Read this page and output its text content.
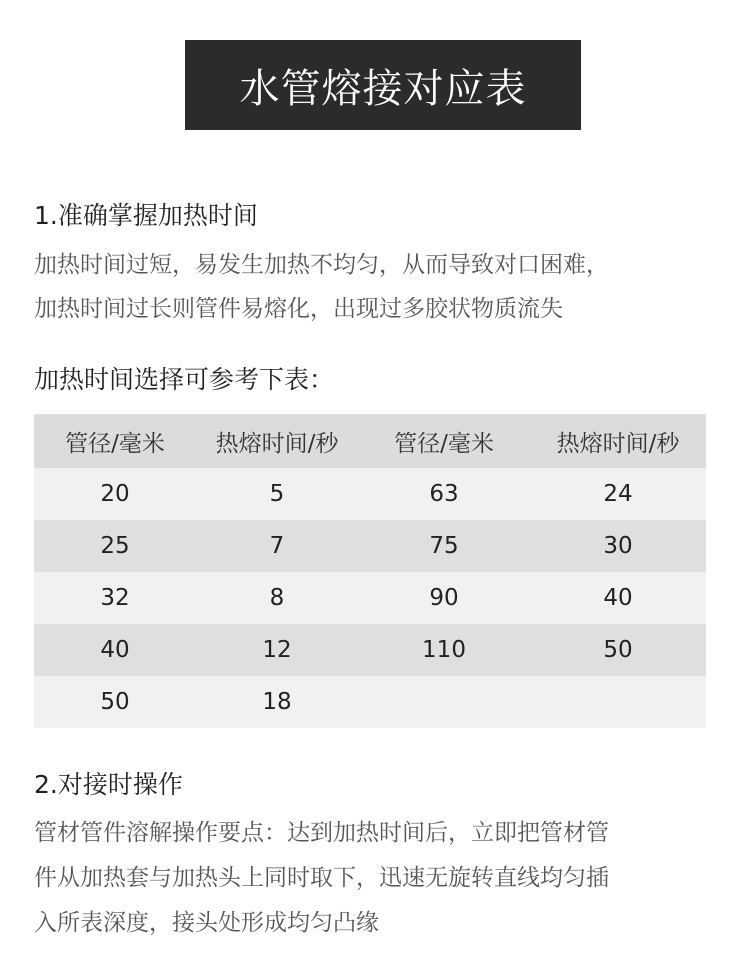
水管熔接对应表
1.准确掌握加热时间
加热时间过短，易发生加热不均匀，从而导致对口困难，
加热时间过长则管件易熔化，出现过多胶状物质流失
加热时间选择可参考下表：
管径/毫米	热熔时间/秒	管径/毫米	热熔时间/秒
20	5	63	24
25	7	75	30
32	8	90	40
40	12	110	50
50	18
2.对接时操作
管材管件溶解操作要点：达到加热时间后，立即把管材管
件从加热套与加热头上同时取下，迅速无旋转直线均匀插
入所表深度，接头处形成均匀凸缘
